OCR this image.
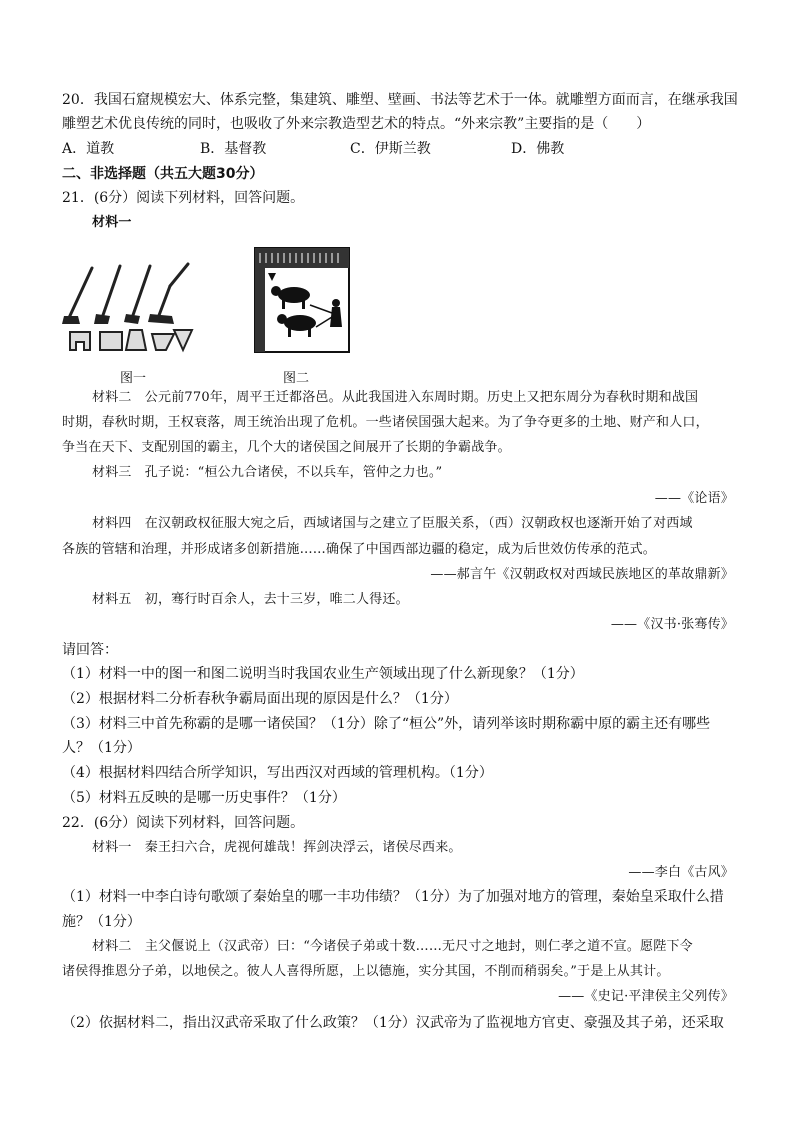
20．我国石窟规模宏大、体系完整，集建筑、雕塑、壁画、书法等艺术于一体。就雕塑方面而言，在继承我国
雕塑艺术优良传统的同时，也吸收了外来宗教造型艺术的特点。“外来宗教”主要指的是（　　）
A．道教	B．基督教	C．伊斯兰教	D．佛教
二、非选择题（共五大题30分）
21．(6分）阅读下列材料，回答问题。
材料一
图一	图二
材料二　公元前770年，周平王迁都洛邑。从此我国进入东周时期。历史上又把东周分为春秋时期和战国
时期，春秋时期，王权衰落，周王统治出现了危机。一些诸侯国强大起来。为了争夺更多的土地、财产和人口，
争当在天下、支配别国的霸主，几个大的诸侯国之间展开了长期的争霸战争。
材料三　孔子说：“桓公九合诸侯，不以兵车，管仲之力也。”
——《论语》
材料四　在汉朝政权征服大宛之后，西域诸国与之建立了臣服关系，（西）汉朝政权也逐渐开始了对西域
各族的管辖和治理，并形成诸多创新措施……确保了中国西部边疆的稳定，成为后世效仿传承的范式。
——郝言午《汉朝政权对西域民族地区的革故鼎新》
材料五　初，骞行时百余人，去十三岁，唯二人得还。
——《汉书·张骞传》
请回答：
（1）材料一中的图一和图二说明当时我国农业生产领域出现了什么新现象？（1分）
（2）根据材料二分析春秋争霸局面出现的原因是什么？（1分）
（3）材料三中首先称霸的是哪一诸侯国？（1分）除了“桓公”外，请列举该时期称霸中原的霸主还有哪些
人？（1分）
（4）根据材料四结合所学知识，写出西汉对西域的管理机构。（1分）
（5）材料五反映的是哪一历史事件？（1分）
22．(6分）阅读下列材料，回答问题。
材料一　秦王扫六合，虎视何雄哉！挥剑决浮云，诸侯尽西来。
——李白《古风》
（1）材料一中李白诗句歌颂了秦始皇的哪一丰功伟绩？（1分）为了加强对地方的管理，秦始皇采取什么措
施？（1分）
材料二　主父偃说上（汉武帝）曰：“今诸侯子弟或十数……无尺寸之地封，则仁孝之道不宣。愿陛下令
诸侯得推恩分子弟，以地侯之。彼人人喜得所愿，上以德施，实分其国，不削而稍弱矣。”于是上从其计。
——《史记·平津侯主父列传》
（2）依据材料二，指出汉武帝采取了什么政策？（1分）汉武帝为了监视地方官吏、豪强及其子弟，还采取
